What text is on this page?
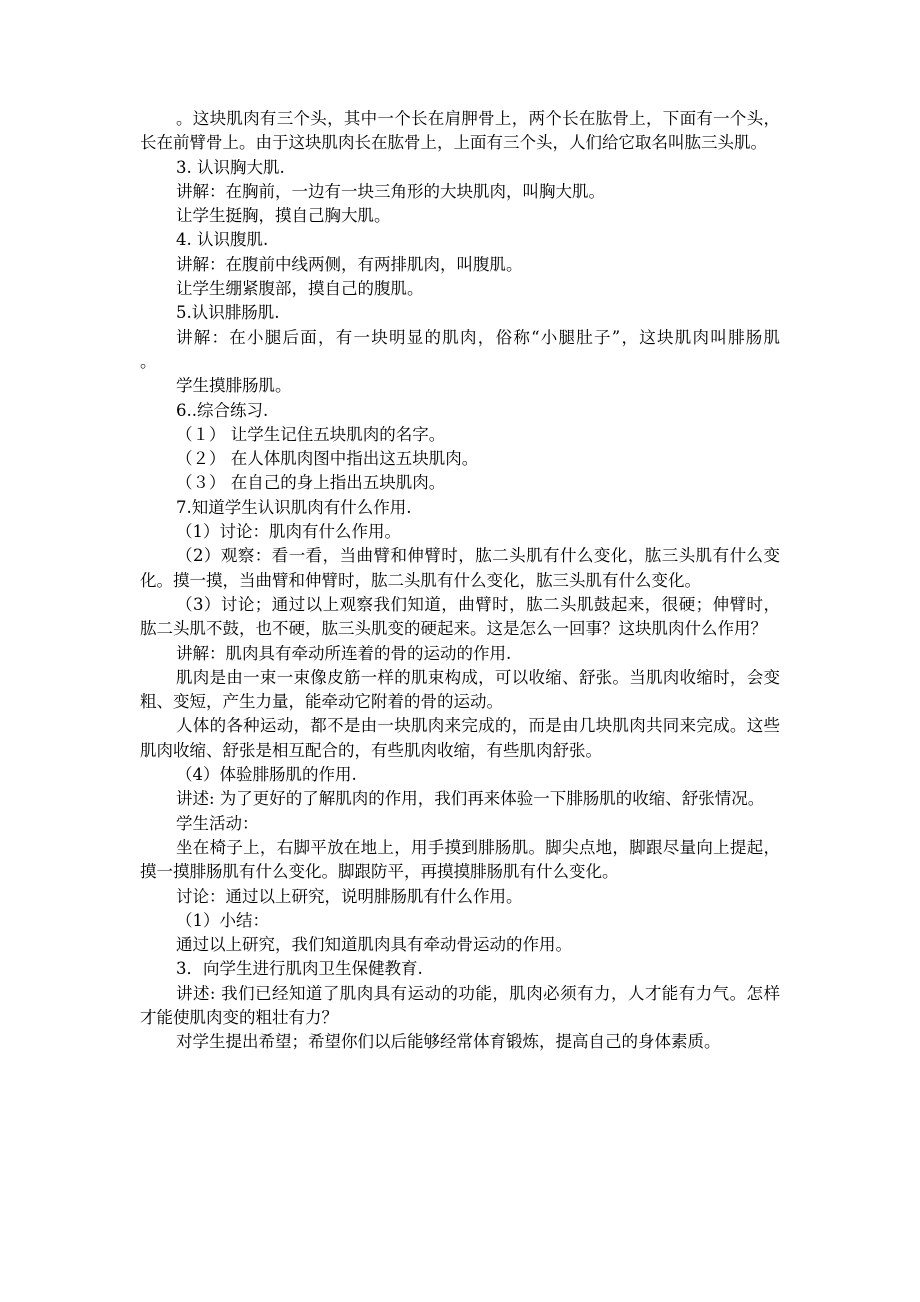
。这块肌肉有三个头，其中一个长在肩胛骨上，两个长在肱骨上，下面有一个头，长在前臂骨上。由于这块肌肉长在肱骨上，上面有三个头，人们给它取名叫肱三头肌。

3. 认识胸大肌.

讲解：在胸前，一边有一块三角形的大块肌肉，叫胸大肌。

让学生挺胸，摸自己胸大肌。

4. 认识腹肌.

讲解：在腹前中线两侧，有两排肌肉，叫腹肌。

让学生绷紧腹部，摸自己的腹肌。

5.认识腓肠肌.

讲解：在小腿后面，有一块明显的肌肉，俗称“小腿肚子”，这块肌肉叫腓肠肌      。

学生摸腓肠肌。

6..综合练习.

（１） 让学生记住五块肌肉的名字。

（２） 在人体肌肉图中指出这五块肌肉。

（３） 在自己的身上指出五块肌肉。

7.知道学生认识肌肉有什么作用.

（1）讨论：肌肉有什么作用。

（2）观察：看一看，当曲臂和伸臂时，肱二头肌有什么变化，肱三头肌有什么变化。摸一摸，当曲臂和伸臂时，肱二头肌有什么变化，肱三头肌有什么变化。

（3）讨论；通过以上观察我们知道，曲臂时，肱二头肌鼓起来，很硬；伸臂时，肱二头肌不鼓，也不硬，肱三头肌变的硬起来。这是怎么一回事？这块肌肉什么作用？

讲解：肌肉具有牵动所连着的骨的运动的作用.

肌肉是由一束一束像皮筋一样的肌束构成，可以收缩、舒张。当肌肉收缩时，会变粗、变短，产生力量，能牵动它附着的骨的运动。

人体的各种运动，都不是由一块肌肉来完成的，而是由几块肌肉共同来完成。这些肌肉收缩、舒张是相互配合的，有些肌肉收缩，有些肌肉舒张。

（4）体验腓肠肌的作用.

讲述: 为了更好的了解肌肉的作用，我们再来体验一下腓肠肌的收缩、舒张情况。

学生活动：

坐在椅子上，右脚平放在地上，用手摸到腓肠肌。脚尖点地，脚跟尽量向上提起，摸一摸腓肠肌有什么变化。脚跟防平，再摸摸腓肠肌有什么变化。

讨论：通过以上研究，说明腓肠肌有什么作用。

（1）小结：

通过以上研究，我们知道肌肉具有牵动骨运动的作用。

3．向学生进行肌肉卫生保健教育.

讲述: 我们已经知道了肌肉具有运动的功能，肌肉必须有力，人才能有力气。怎样才能使肌肉变的粗壮有力？

对学生提出希望；希望你们以后能够经常体育锻炼，提高自己的身体素质。
